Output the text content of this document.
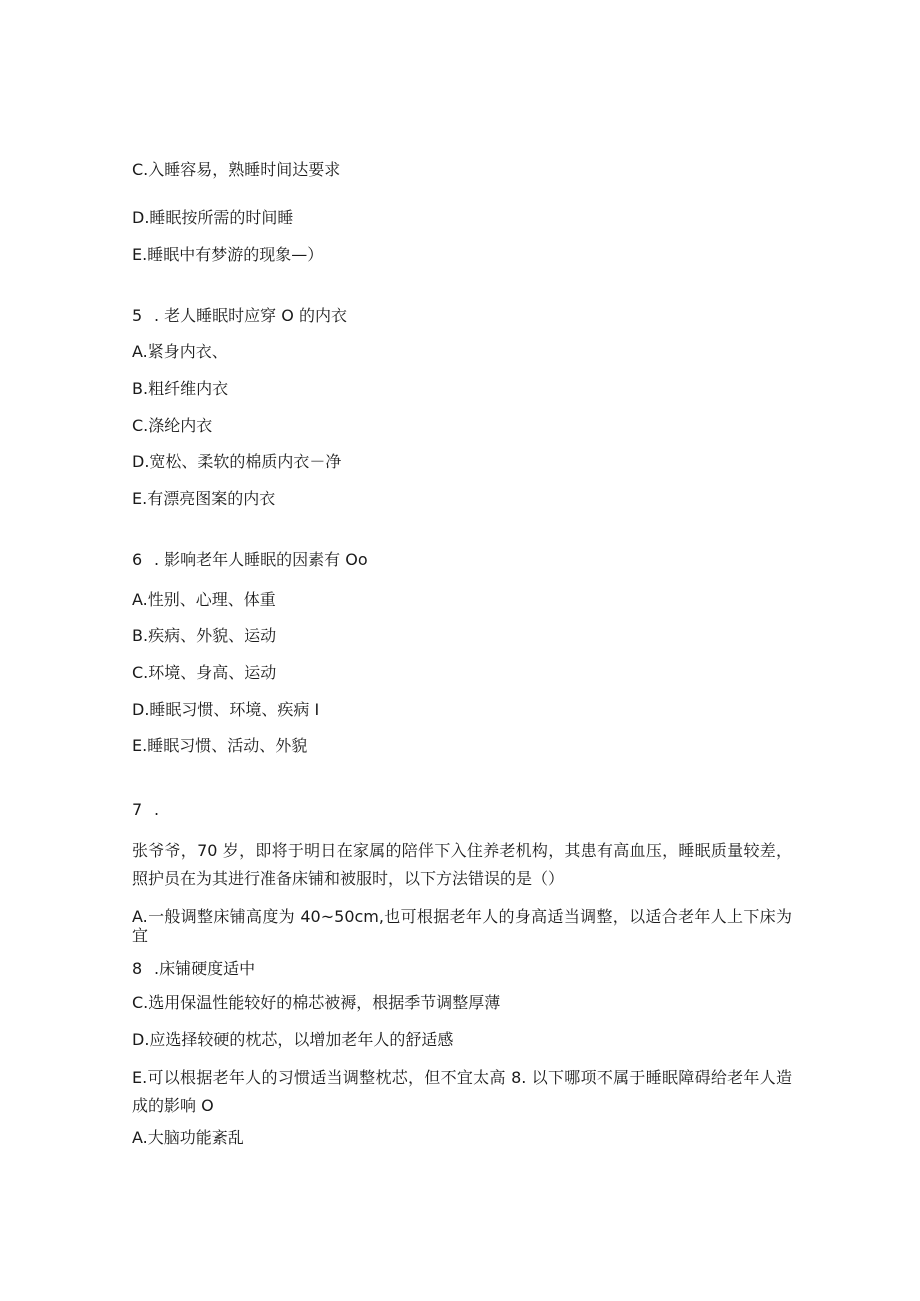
C.入睡容易，熟睡时间达要求

D.睡眠按所需的时间睡

E.睡眠中有梦游的现象—）

5 . 老人睡眠时应穿 O 的内衣

A.紧身内衣、

B.粗纤维内衣

C.涤纶内衣

D.宽松、柔软的棉质内衣－净

E.有漂亮图案的内衣

6 . 影响老年人睡眠的因素有 Oo

A.性别、心理、体重

B.疾病、外貌、运动

C.环境、身高、运动

D.睡眠习惯、环境、疾病 I

E.睡眠习惯、活动、外貌

7 .

张爷爷，70 岁，即将于明日在家属的陪伴下入住养老机构，其患有高血压，睡眠质量较差，照护员在为其进行准备床铺和被服时，以下方法错误的是（）

A.一般调整床铺高度为 40~50cm,也可根据老年人的身高适当调整，以适合老年人上下床为宜

8 .床铺硬度适中

C.选用保温性能较好的棉芯被褥，根据季节调整厚薄

D.应选择较硬的枕芯，以增加老年人的舒适感

E.可以根据老年人的习惯适当调整枕芯，但不宜太高 8. 以下哪项不属于睡眠障碍给老年人造成的影响 O

A.大脑功能紊乱
